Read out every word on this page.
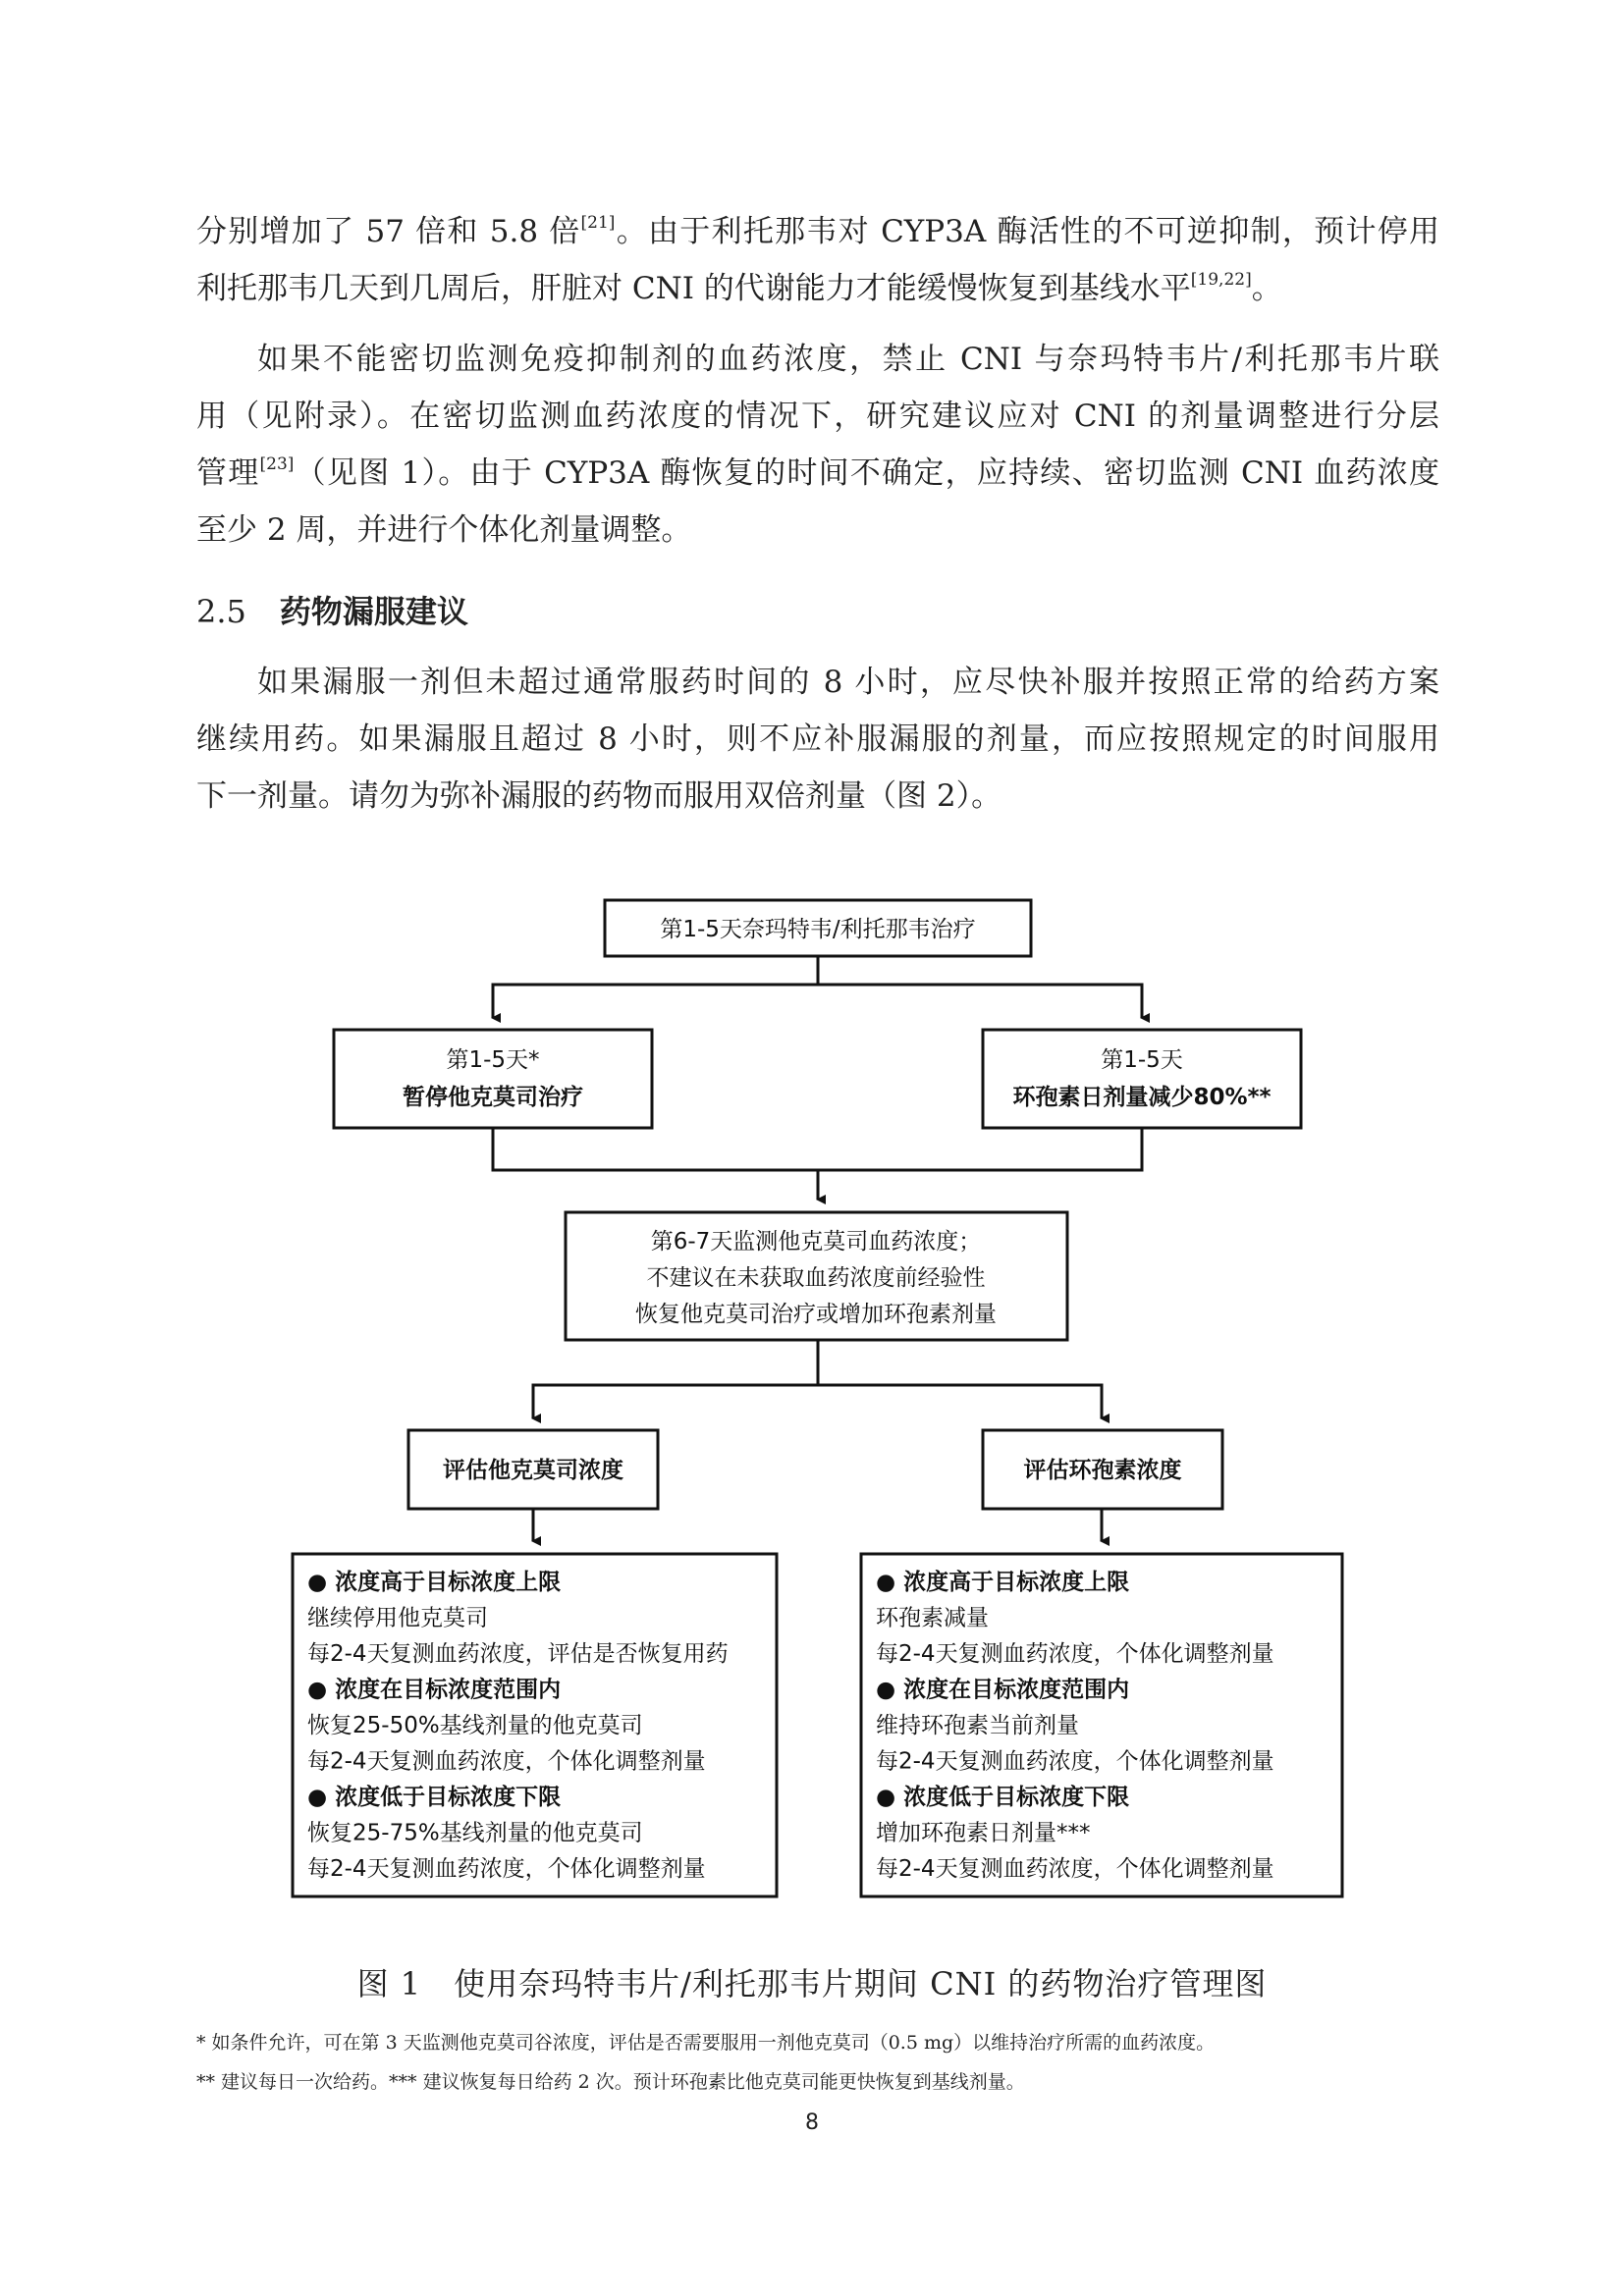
分别增加了 57 倍和 5.8 倍[21]。由于利托那韦对 CYP3A 酶活性的不可逆抑制，预计停用
利托那韦几天到几周后，肝脏对 CNI 的代谢能力才能缓慢恢复到基线水平[19,22]。
如果不能密切监测免疫抑制剂的血药浓度，禁止 CNI 与奈玛特韦片/利托那韦片联
用（见附录）。在密切监测血药浓度的情况下，研究建议应对 CNI 的剂量调整进行分层
管理[23]（见图 1）。由于 CYP3A 酶恢复的时间不确定，应持续、密切监测 CNI 血药浓度
至少 2 周，并进行个体化剂量调整。

2.5 药物漏服建议

如果漏服一剂但未超过通常服药时间的 8 小时，应尽快补服并按照正常的给药方案
继续用药。如果漏服且超过 8 小时，则不应补服漏服的剂量，而应按照规定的时间服用
下一剂量。请勿为弥补漏服的药物而服用双倍剂量（图 2）。
第1-5天奈玛特韦/利托那韦治疗
第1-5天*
暂停他克莫司治疗
第1-5天
环孢素日剂量减少80%**
第6-7天监测他克莫司血药浓度；
不建议在未获取血药浓度前经验性
恢复他克莫司治疗或增加环孢素剂量
评估他克莫司浓度	评估环孢素浓度
● 浓度高于目标浓度上限
继续停用他克莫司
每2-4天复测血药浓度，评估是否恢复用药
● 浓度在目标浓度范围内
恢复25-50%基线剂量的他克莫司
每2-4天复测血药浓度，个体化调整剂量
● 浓度低于目标浓度下限
恢复25-75%基线剂量的他克莫司
每2-4天复测血药浓度，个体化调整剂量
● 浓度高于目标浓度上限
环孢素减量
每2-4天复测血药浓度，个体化调整剂量
● 浓度在目标浓度范围内
维持环孢素当前剂量
每2-4天复测血药浓度，个体化调整剂量
● 浓度低于目标浓度下限
增加环孢素日剂量***
每2-4天复测血药浓度，个体化调整剂量

图 1　使用奈玛特韦片/利托那韦片期间 CNI 的药物治疗管理图

* 如条件允许，可在第 3 天监测他克莫司谷浓度，评估是否需要服用一剂他克莫司（0.5 mg）以维持治疗所需的血药浓度。

** 建议每日一次给药。*** 建议恢复每日给药 2 次。预计环孢素比他克莫司能更快恢复到基线剂量。

8
